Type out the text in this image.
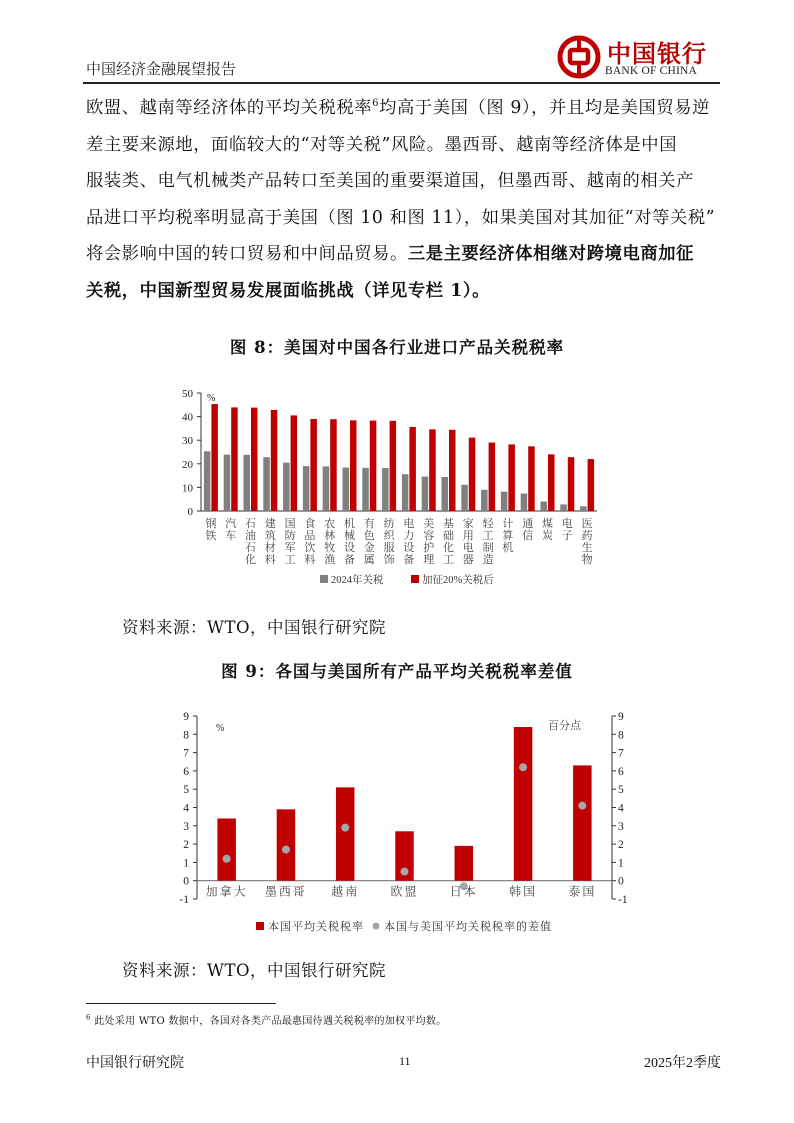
中国经济金融展望报告
中国银行
BANK OF CHINA
欧盟、越南等经济体的平均关税税率$^6$均高于美国（图 9），并且均是美国贸易逆
差主要来源地，面临较大的“对等关税”风险。墨西哥、越南等经济体是中国
服装类、电气机械类产品转口至美国的重要渠道国，但墨西哥、越南的相关产
品进口平均税率明显高于美国（图 10 和图 11），如果美国对其加征“对等关税”
将会影响中国的转口贸易和中间品贸易。三是主要经济体相继对跨境电商加征
关税，中国新型贸易发展面临挑战（详见专栏 1）。
图 8：美国对中国各行业进口产品关税税率
0
10
20
30
40
50 %
钢
铁
汽
车
石
油
石
化
建
筑
材
料
国
防
军
工
食
品
饮
料
农
林
牧
渔
机
械
设
备
有
色
金
属
纺
织
服
饰
电
力
设
备
美
容
护
理
基
础
化
工
家
用
电
器
轻
工
制
造
计
算
机
通
信
煤
炭
电
子
医
药
生
物
2024年关税	加征20%关税后
资料来源：WTO，中国银行研究院
图 9：各国与美国所有产品平均关税税率差值
-1	-1
0	0
1	1
2	2
3	3
4	4
5	5
6	6
7	7
8	8
9	9
%	百分点
加拿大 墨西哥 越南	欧盟	日本	韩国	泰国
本国平均关税税率 本国与美国平均关税税率的差值
资料来源：WTO，中国银行研究院
$^6$ 此处采用 WTO 数据中，各国对各类产品最惠国待遇关税税率的加权平均数。
中国银行研究院	11	2025年2季度
